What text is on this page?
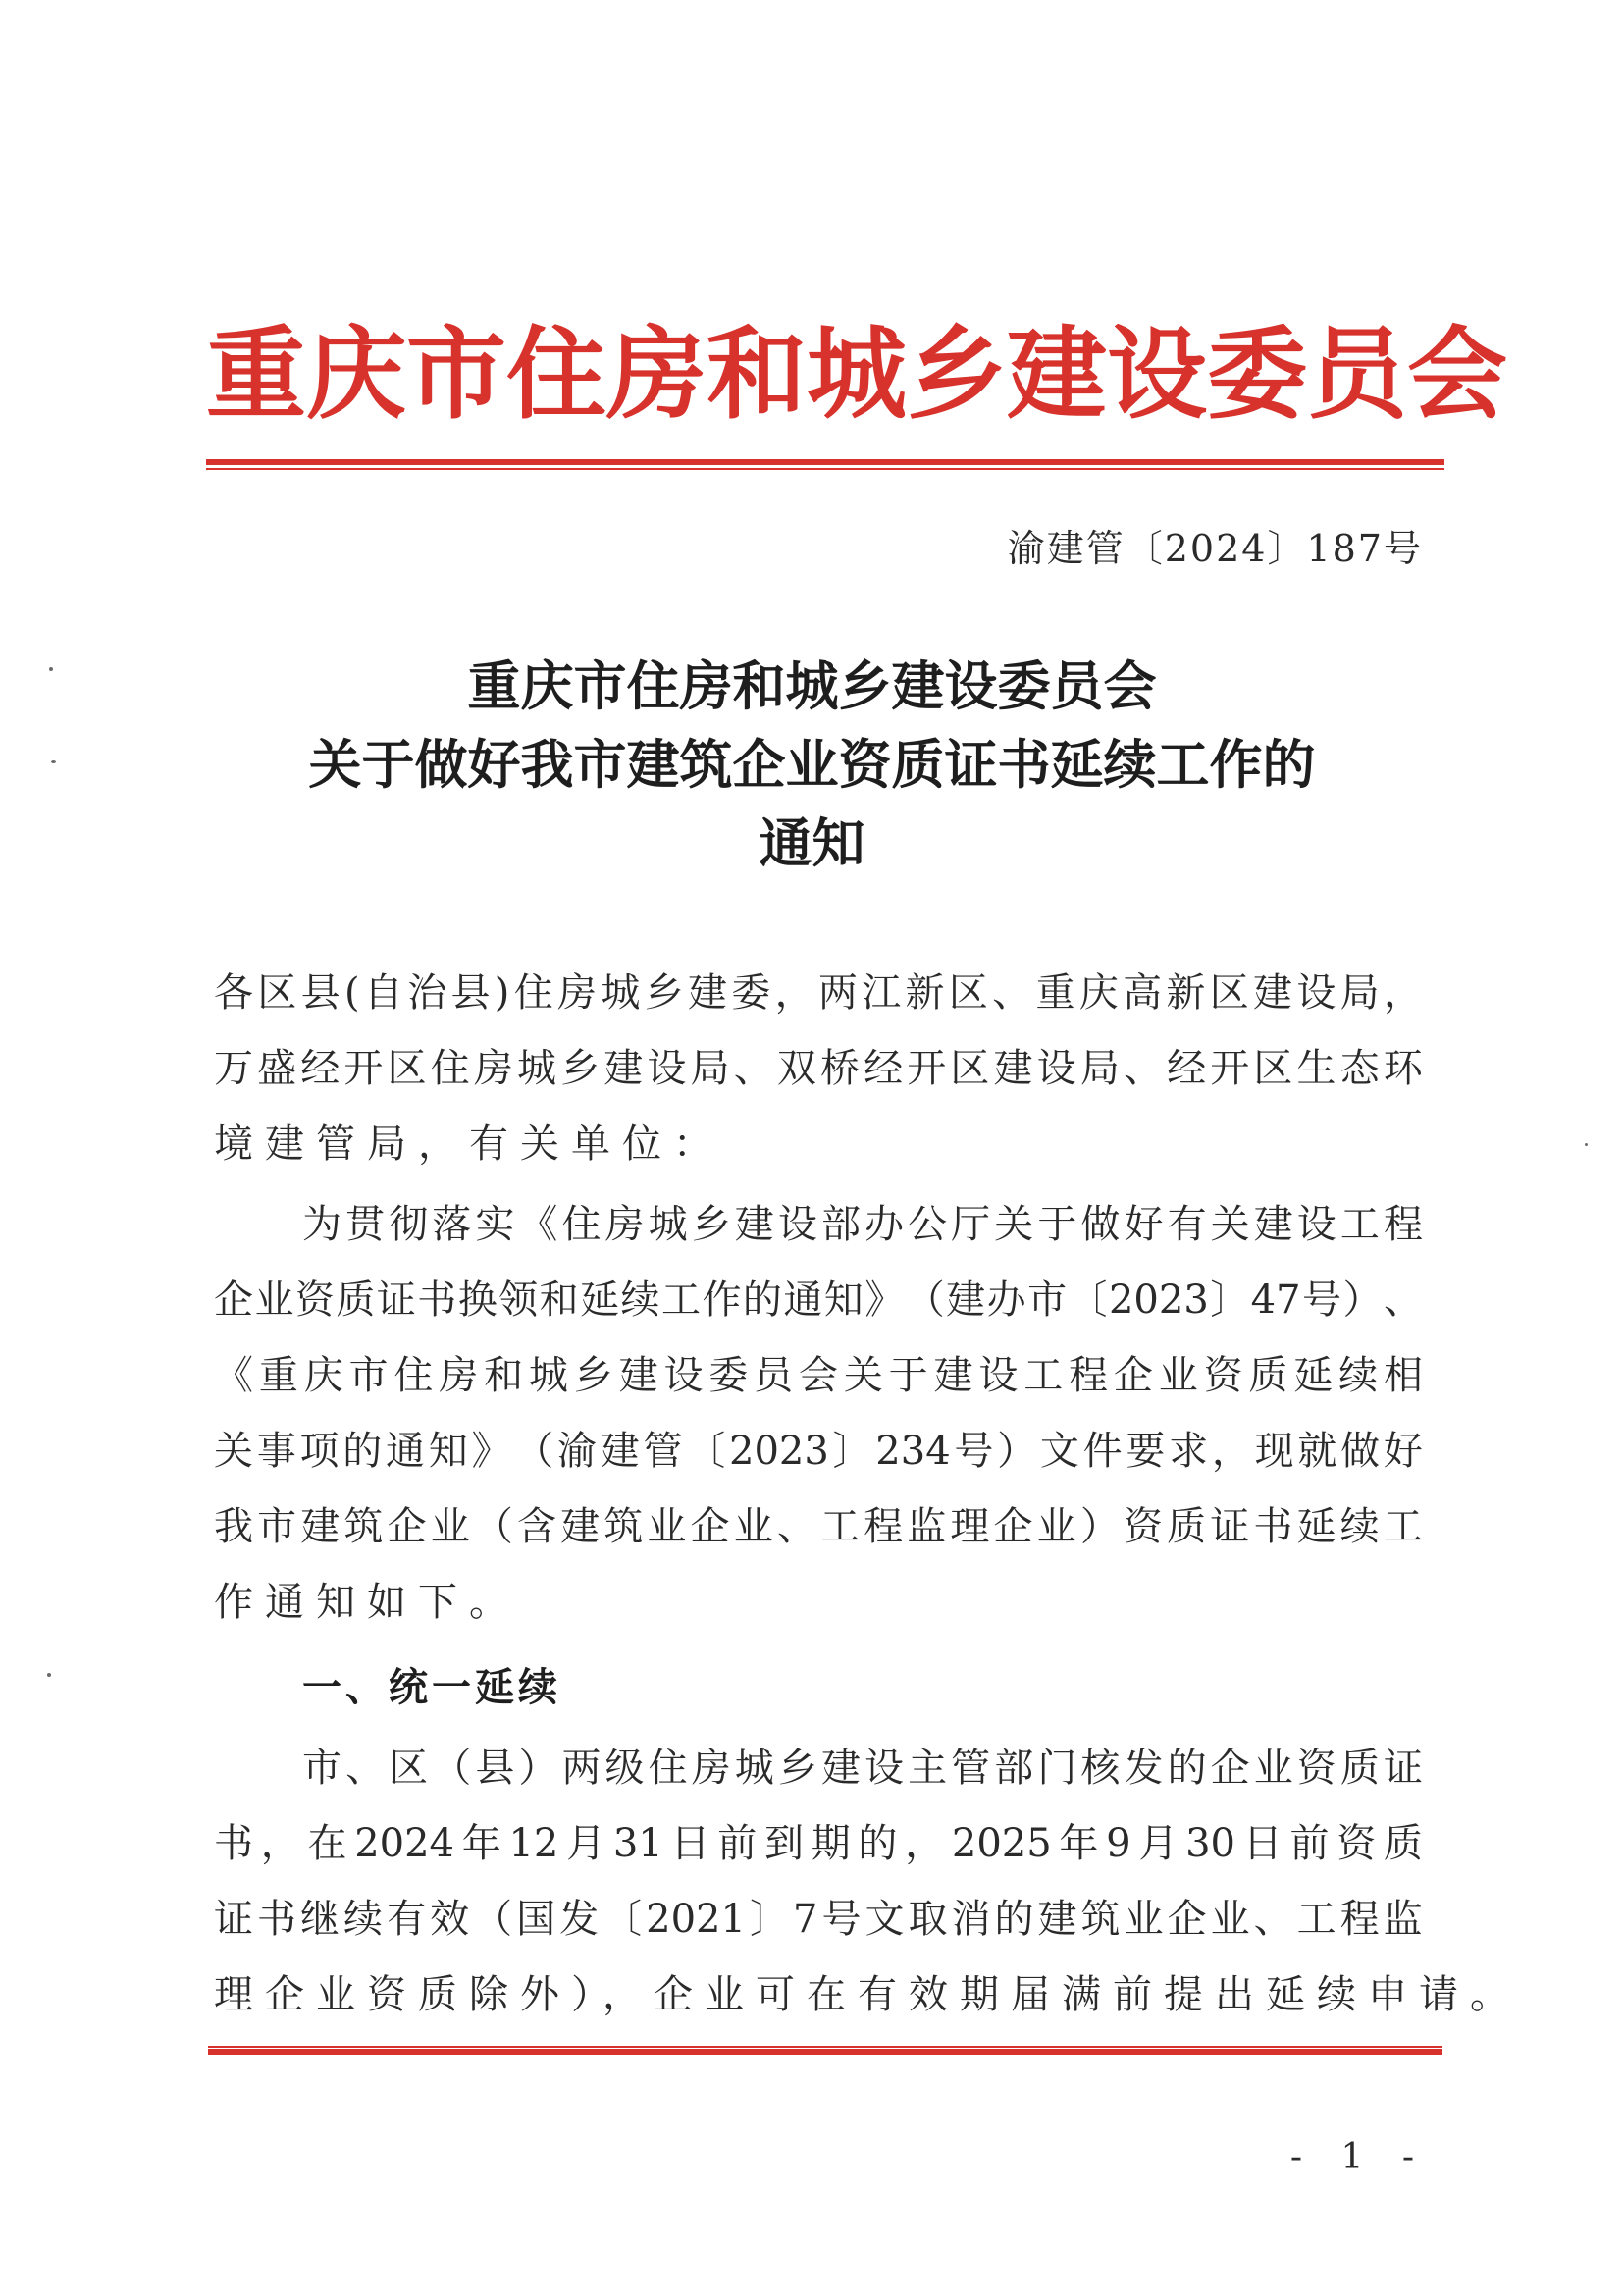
重 庆 市 住 房 和 城 乡 建 设 委 员 会
渝建管〔2024〕187号
重庆市住房和城乡建设委员会
关于做好我市建筑企业资质证书延续工作的
通知
各 区 县 ( 自 治 县 ) 住 房 城 乡 建 委 ， 两 江 新 区 、 重 庆 高 新 区 建 设 局 ，
万 盛 经 开 区 住 房 城 乡 建 设 局 、 双 桥 经 开 区 建 设 局 、 经 开 区 生 态 环
境建管局，有关单位：
为 贯 彻 落 实 《 住 房 城 乡 建 设 部 办 公 厅 关 于 做 好 有 关 建 设 工 程
企 业 资 质 证 书 换 领 和 延 续 工 作 的 通 知 》 （ 建 办 市 〔 2023 〕 47 号 ） 、
《 重 庆 市 住 房 和 城 乡 建 设 委 员 会 关 于 建 设 工 程 企 业 资 质 延 续 相
关 事 项 的 通 知 》 （ 渝 建 管 〔 2023 〕 234 号 ） 文 件 要 求 ， 现 就 做 好
我 市 建 筑 企 业 （ 含 建 筑 业 企 业 、 工 程 监 理 企 业 ） 资 质 证 书 延 续 工
作通知如下。
一、统一延续
市 、 区 （ 县 ） 两 级 住 房 城 乡 建 设 主 管 部 门 核 发 的 企 业 资 质 证
书 ， 在 2024 年 12 月 31 日 前 到 期 的 ， 2025 年 9 月 30 日 前 资 质
证 书 继 续 有 效 （ 国 发 〔 2021 〕 7 号 文 取 消 的 建 筑 业 企 业 、 工 程 监
理企业资质除外），企业可在有效期届满前提出延续申请。
- 1 -
